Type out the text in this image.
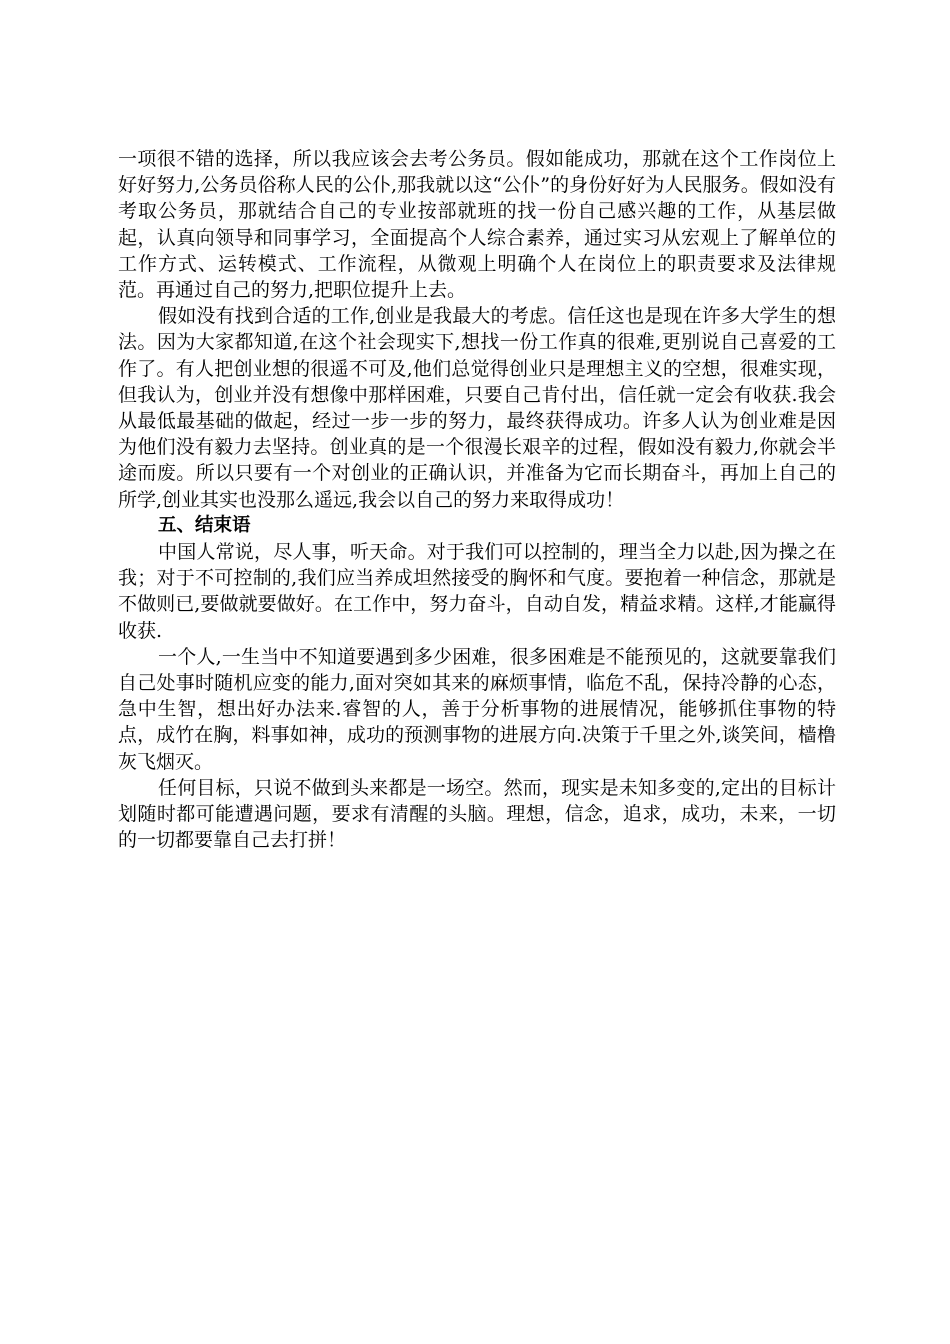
一项很不错的选择，所以我应该会去考公务员。假如能成功，那就在这个工作岗位上好好努力,公务员俗称人民的公仆,那我就以这“公仆”的身份好好为人民服务。假如没有考取公务员，那就结合自己的专业按部就班的找一份自己感兴趣的工作，从基层做起，认真向领导和同事学习，全面提高个人综合素养，通过实习从宏观上了解单位的工作方式、运转模式、工作流程，从微观上明确个人在岗位上的职责要求及法律规范。再通过自己的努力,把职位提升上去。

假如没有找到合适的工作,创业是我最大的考虑。信任这也是现在许多大学生的想法。因为大家都知道,在这个社会现实下,想找一份工作真的很难,更别说自己喜爱的工作了。有人把创业想的很遥不可及,他们总觉得创业只是理想主义的空想，很难实现，但我认为，创业并没有想像中那样困难，只要自己肯付出，信任就一定会有收获.我会从最低最基础的做起，经过一步一步的努力，最终获得成功。许多人认为创业难是因为他们没有毅力去坚持。创业真的是一个很漫长艰辛的过程，假如没有毅力,你就会半途而废。所以只要有一个对创业的正确认识，并准备为它而长期奋斗，再加上自己的所学,创业其实也没那么遥远,我会以自己的努力来取得成功！

五、结束语

中国人常说，尽人事，听天命。对于我们可以控制的，理当全力以赴,因为操之在我；对于不可控制的,我们应当养成坦然接受的胸怀和气度。要抱着一种信念，那就是不做则已,要做就要做好。在工作中，努力奋斗，自动自发，精益求精。这样,才能赢得收获.

一个人,一生当中不知道要遇到多少困难，很多困难是不能预见的，这就要靠我们自己处事时随机应变的能力,面对突如其来的麻烦事情，临危不乱，保持冷静的心态，急中生智，想出好办法来.睿智的人，善于分析事物的进展情况，能够抓住事物的特点，成竹在胸，料事如神，成功的预测事物的进展方向.决策于千里之外,谈笑间，樯橹灰飞烟灭。

任何目标，只说不做到头来都是一场空。然而，现实是未知多变的,定出的目标计划随时都可能遭遇问题，要求有清醒的头脑。理想，信念，追求，成功，未来，一切的一切都要靠自己去打拼！
